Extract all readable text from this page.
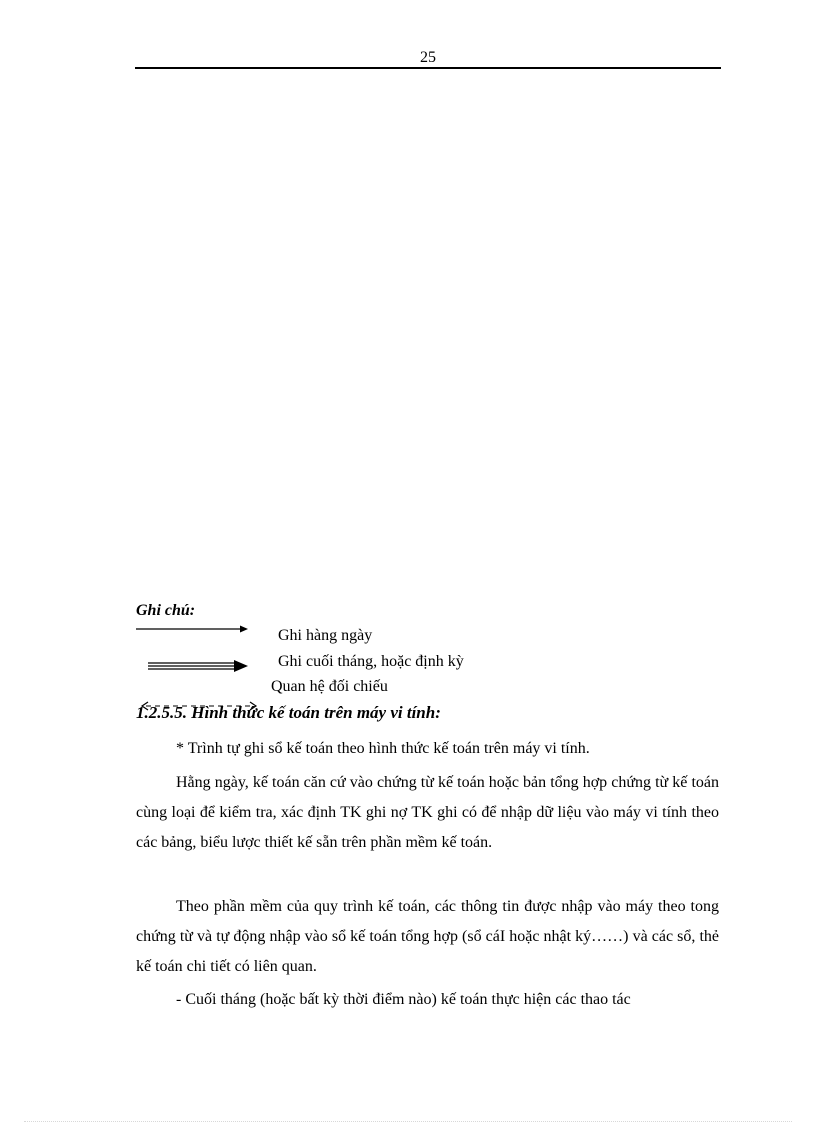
25
Ghi chú:
Ghi hàng ngày
Ghi cuối tháng, hoặc định kỳ
Quan hệ đối chiếu
1.2.5.5. Hình thức kế toán trên máy vi tính:
* Trình tự ghi sổ kế toán theo hình thức kế toán trên máy vi tính.
Hằng ngày, kế toán căn cứ vào chứng từ kế toán hoặc bản tổng hợp chứng từ kế toán cùng loại để kiểm tra, xác định TK ghi nợ TK ghi có để nhập dữ liệu vào máy vi tính theo các bảng, biểu lược thiết kế sẵn trên phần mềm kế toán.
Theo phần mềm của quy trình kế toán, các thông tin được nhập vào máy theo tong chứng từ và tự động nhập vào sổ kế toán tổng hợp (sổ cáI hoặc nhật ký……) và các sổ, thẻ kế toán chi tiết có liên quan.
- Cuối tháng (hoặc bất kỳ thời điểm nào) kế toán thực hiện các thao tác
